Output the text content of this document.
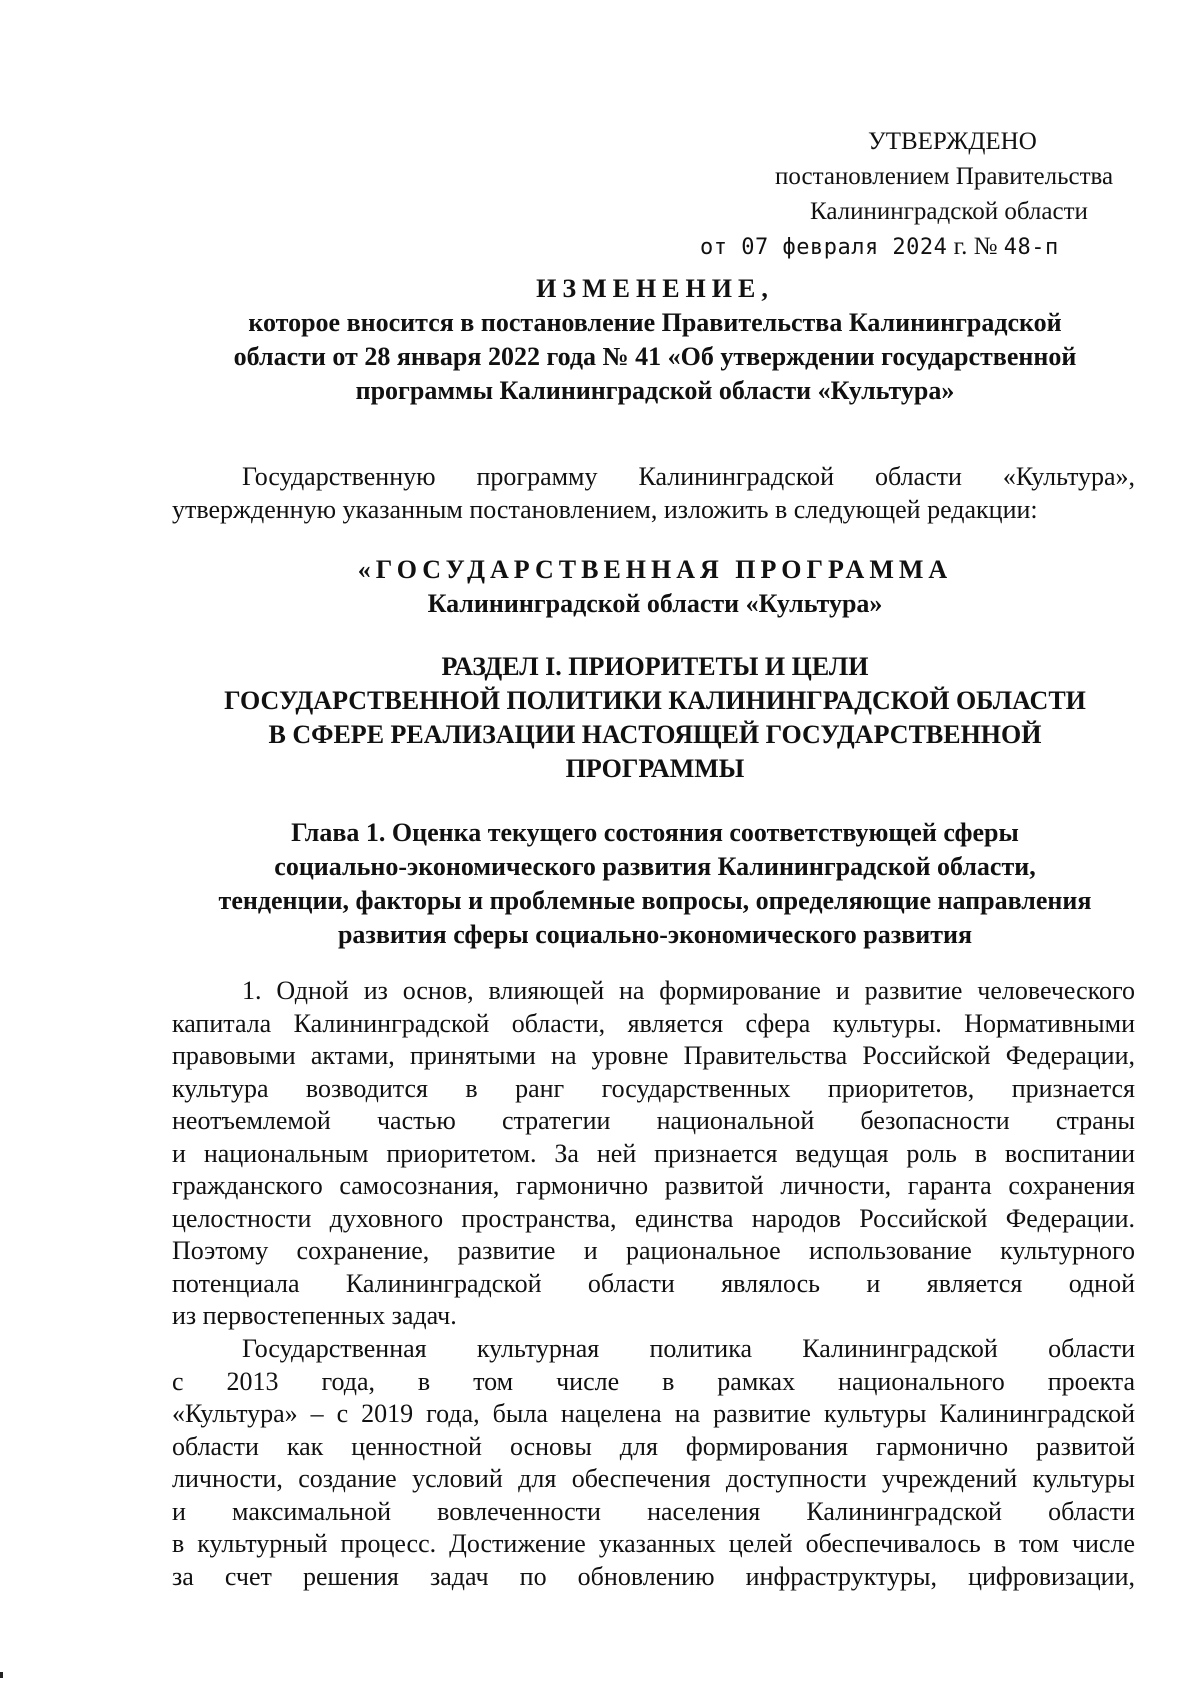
УТВЕРЖДЕНО
постановлением Правительства
Калининградской области
от 07 февраля 2024 г. № 48-п
ИЗМЕНЕНИЕ,
которое вносится в постановление Правительства Калининградской
области от 28 января 2022 года № 41 «Об утверждении государственной
программы Калининградской области «Культура»
Государственную программу Калининградской области «Культура»,
утвержденную указанным постановлением, изложить в следующей редакции:
«ГОСУДАРСТВЕННАЯ ПРОГРАММА
Калининградской области «Культура»
РАЗДЕЛ I. ПРИОРИТЕТЫ И ЦЕЛИ
ГОСУДАРСТВЕННОЙ ПОЛИТИКИ КАЛИНИНГРАДСКОЙ ОБЛАСТИ
В СФЕРЕ РЕАЛИЗАЦИИ НАСТОЯЩЕЙ ГОСУДАРСТВЕННОЙ
ПРОГРАММЫ
Глава 1. Оценка текущего состояния соответствующей сферы
социально-экономического развития Калининградской области,
тенденции, факторы и проблемные вопросы, определяющие направления
развития сферы социально-экономического развития
1. Одной из основ, влияющей на формирование и развитие человеческого
капитала Калининградской области, является сфера культуры. Нормативными
правовыми актами, принятыми на уровне Правительства Российской Федерации,
культура возводится в ранг государственных приоритетов, признается
неотъемлемой частью стратегии национальной безопасности страны
и национальным приоритетом. За ней признается ведущая роль в воспитании
гражданского самосознания, гармонично развитой личности, гаранта сохранения
целостности духовного пространства, единства народов Российской Федерации.
Поэтому сохранение, развитие и рациональное использование культурного
потенциала Калининградской области являлось и является одной
из первостепенных задач.
Государственная культурная политика Калининградской области
с 2013 года, в том числе в рамках национального проекта
«Культура» – с 2019 года, была нацелена на развитие культуры Калининградской
области как ценностной основы для формирования гармонично развитой
личности, создание условий для обеспечения доступности учреждений культуры
и максимальной вовлеченности населения Калининградской области
в культурный процесс. Достижение указанных целей обеспечивалось в том числе
за счет решения задач по обновлению инфраструктуры, цифровизации,
